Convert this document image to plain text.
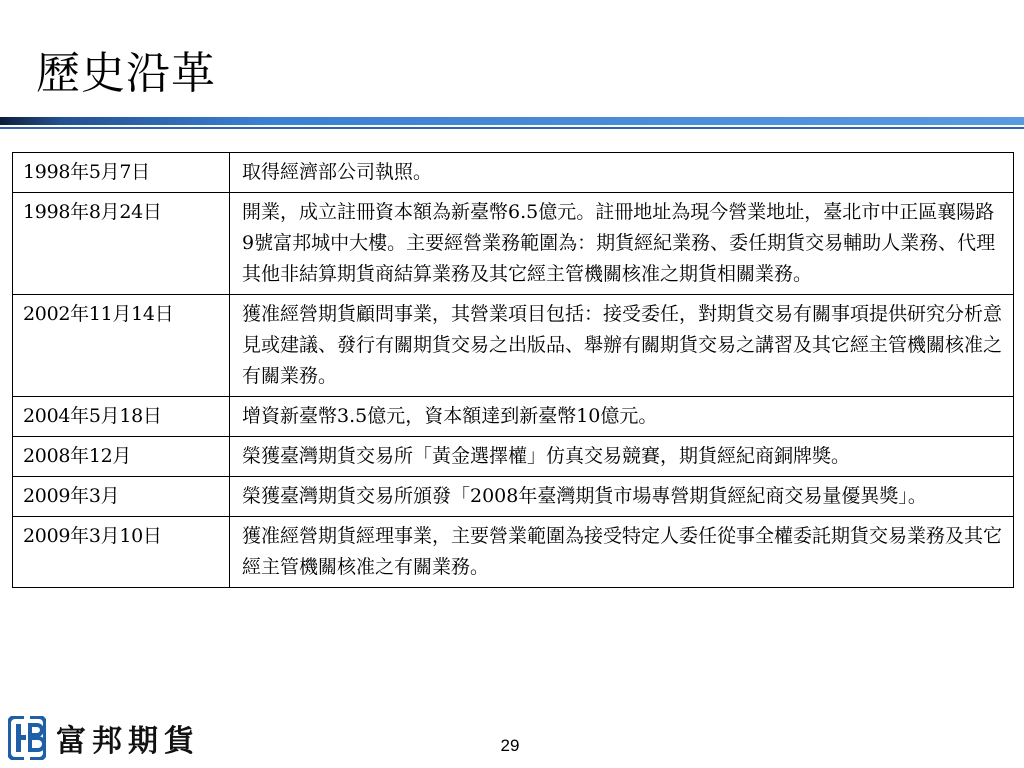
歷史沿革
1998年5月7日	取得經濟部公司執照。
1998年8月24日	開業，成立註冊資本額為新臺幣6.5億元。註冊地址為現今營業地址，臺北市中正區襄陽路9號富邦城中大樓。主要經營業務範圍為：期貨經紀業務、委任期貨交易輔助人業務、代理其他非結算期貨商結算業務及其它經主管機關核准之期貨相關業務。
2002年11月14日	獲准經營期貨顧問事業，其營業項目包括：接受委任，對期貨交易有關事項提供研究分析意見或建議、發行有關期貨交易之出版品、舉辦有關期貨交易之講習及其它經主管機關核准之有關業務。
2004年5月18日	增資新臺幣3.5億元，資本額達到新臺幣10億元。
2008年12月	榮獲臺灣期貨交易所「黃金選擇權」仿真交易競賽，期貨經紀商銅牌獎。
2009年3月	榮獲臺灣期貨交易所頒發「2008年臺灣期貨市場專營期貨經紀商交易量優異獎」。
2009年3月10日	獲准經營期貨經理事業，主要營業範圍為接受特定人委任從事全權委託期貨交易業務及其它經主管機關核准之有關業務。
富邦期貨	29
